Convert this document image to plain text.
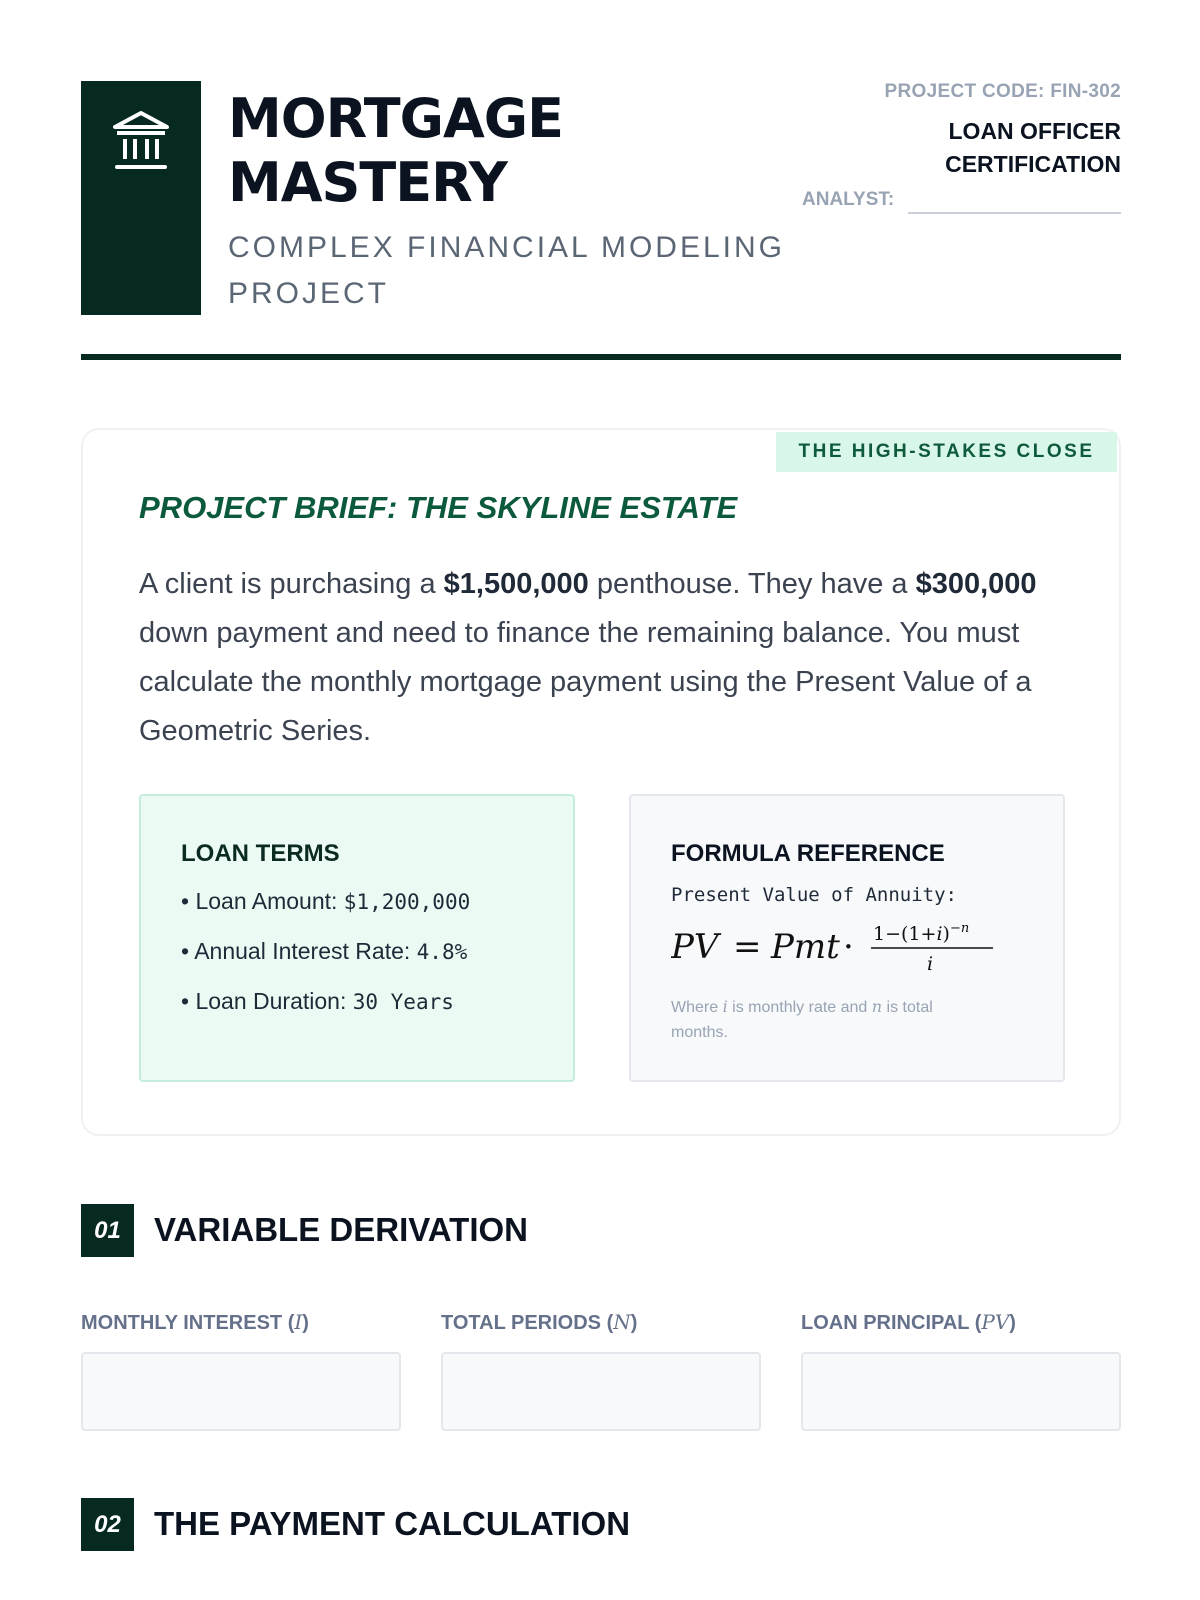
MORTGAGE
MASTERY
COMPLEX FINANCIAL MODELING PROJECT
PROJECT CODE: FIN-302
LOAN OFFICER
CERTIFICATION
ANALYST:
THE HIGH-STAKES CLOSE
PROJECT BRIEF: THE SKYLINE ESTATE
A client is purchasing a $1,500,000 penthouse. They have a $300,000 down payment and need to finance the remaining balance. You must calculate the monthly mortgage payment using the Present Value of a Geometric Series.
LOAN TERMS
• Loan Amount: $1,200,000
• Annual Interest Rate: 4.8%
• Loan Duration: 30 Years
FORMULA REFERENCE
Present Value of Annuity:
PV = Pmt · $1-(1+i)^{-n}$
i
Where i is monthly rate and n is total months.
01	VARIABLE DERIVATION
MONTHLY INTEREST (I)	TOTAL PERIODS (N)	LOAN PRINCIPAL (PV)
02	THE PAYMENT CALCULATION
